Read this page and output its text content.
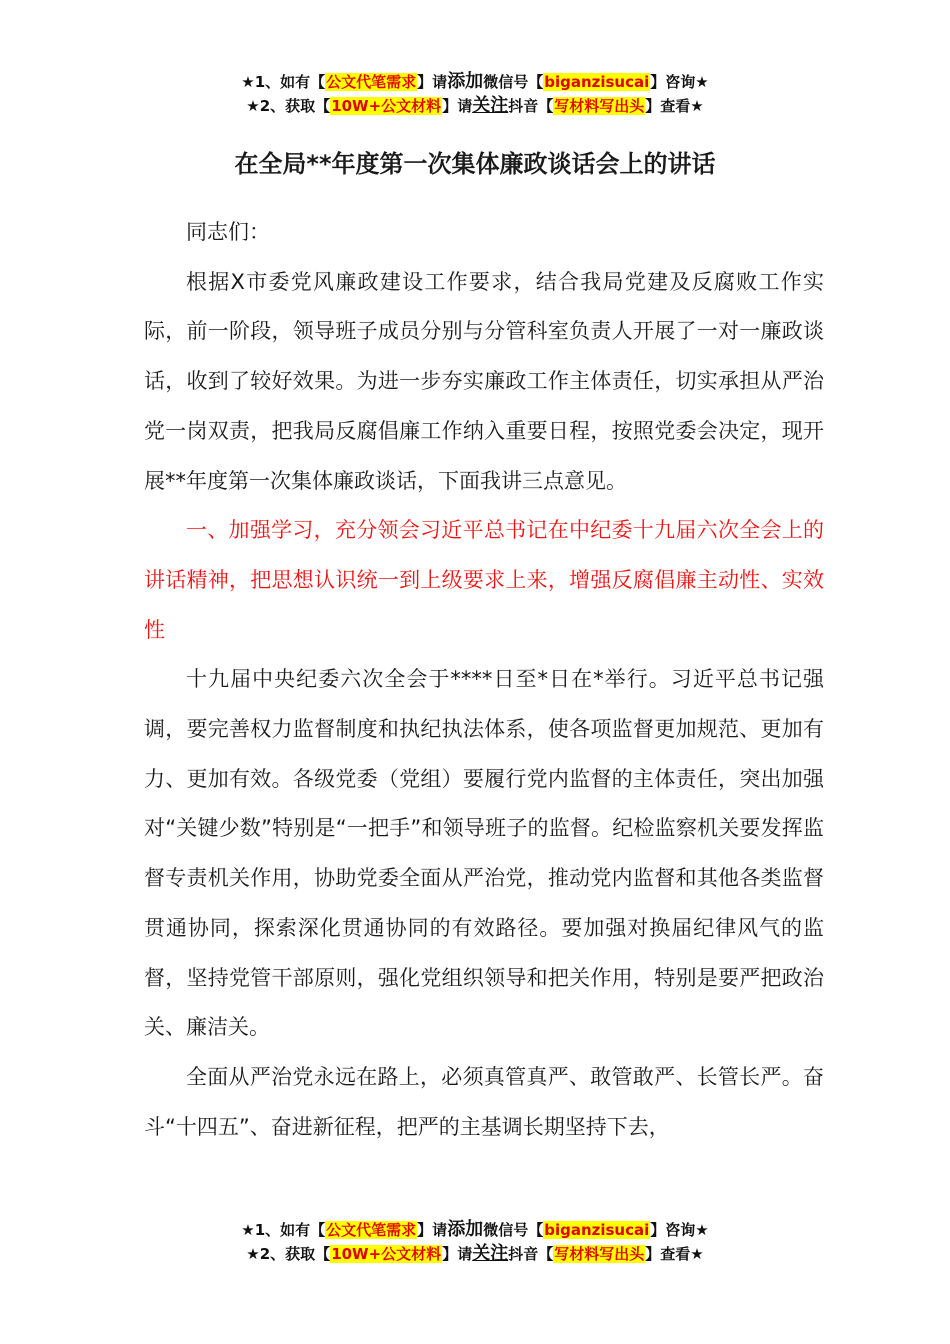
★1、如有【公文代笔需求】请添加微信号【biganzisucai】咨询★
★2、获取【10W+公文材料】请关注抖音【写材料写出头】查看★
在全局**年度第一次集体廉政谈话会上的讲话

同志们：

根据X市委党风廉政建设工作要求，结合我局党建及反腐败工作实际，前一阶段，领导班子成员分别与分管科室负责人开展了一对一廉政谈话，收到了较好效果。为进一步夯实廉政工作主体责任，切实承担从严治党一岗双责，把我局反腐倡廉工作纳入重要日程，按照党委会决定，现开展**年度第一次集体廉政谈话，下面我讲三点意见。

一、加强学习，充分领会习近平总书记在中纪委十九届六次全会上的讲话精神，把思想认识统一到上级要求上来，增强反腐倡廉主动性、实效性

十九届中央纪委六次全会于****日至*日在*举行。习近平总书记强调，要完善权力监督制度和执纪执法体系，使各项监督更加规范、更加有力、更加有效。各级党委（党组）要履行党内监督的主体责任，突出加强对“关键少数”特别是“一把手”和领导班子的监督。纪检监察机关要发挥监督专责机关作用，协助党委全面从严治党，推动党内监督和其他各类监督贯通协同，探索深化贯通协同的有效路径。要加强对换届纪律风气的监督，坚持党管干部原则，强化党组织领导和把关作用，特别是要严把政治关、廉洁关。

全面从严治党永远在路上，必须真管真严、敢管敢严、长管长严。奋斗“十四五”、奋进新征程，把严的主基调长期坚持下去，

★1、如有【公文代笔需求】请添加微信号【biganzisucai】咨询★
★2、获取【10W+公文材料】请关注抖音【写材料写出头】查看★
